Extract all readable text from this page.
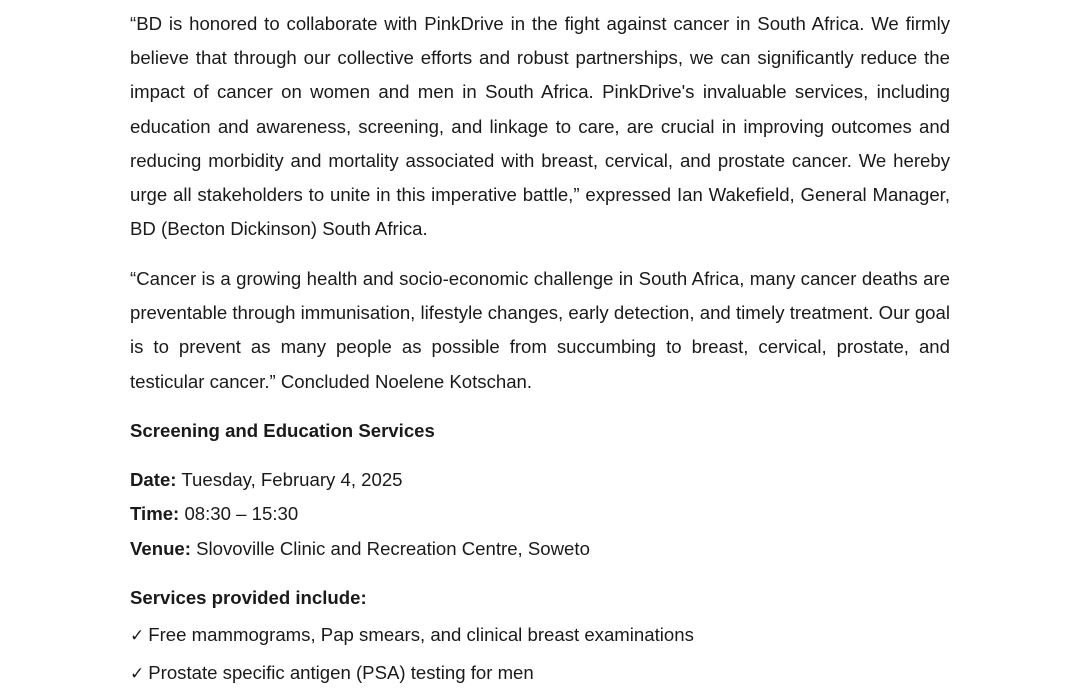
“BD is honored to collaborate with PinkDrive in the fight against cancer in South Africa. We firmly believe that through our collective efforts and robust partnerships, we can significantly reduce the impact of cancer on women and men in South Africa. PinkDrive's invaluable services, including education and awareness, screening, and linkage to care, are crucial in improving outcomes and reducing morbidity and mortality associated with breast, cervical, and prostate cancer. We hereby urge all stakeholders to unite in this imperative battle,” expressed Ian Wakefield, General Manager, BD (Becton Dickinson) South Africa.

“Cancer is a growing health and socio-economic challenge in South Africa, many cancer deaths are preventable through immunisation, lifestyle changes, early detection, and timely treatment. Our goal is to prevent as many people as possible from succumbing to breast, cervical, prostate, and testicular cancer.” Concluded Noelene Kotschan.

Screening and Education Services

Date: Tuesday, February 4, 2025

Time: 08:30 – 15:30

Venue: Slovoville Clinic and Recreation Centre, Soweto

Services provided include:

✓ Free mammograms, Pap smears, and clinical breast examinations

✓ Prostate specific antigen (PSA) testing for men
